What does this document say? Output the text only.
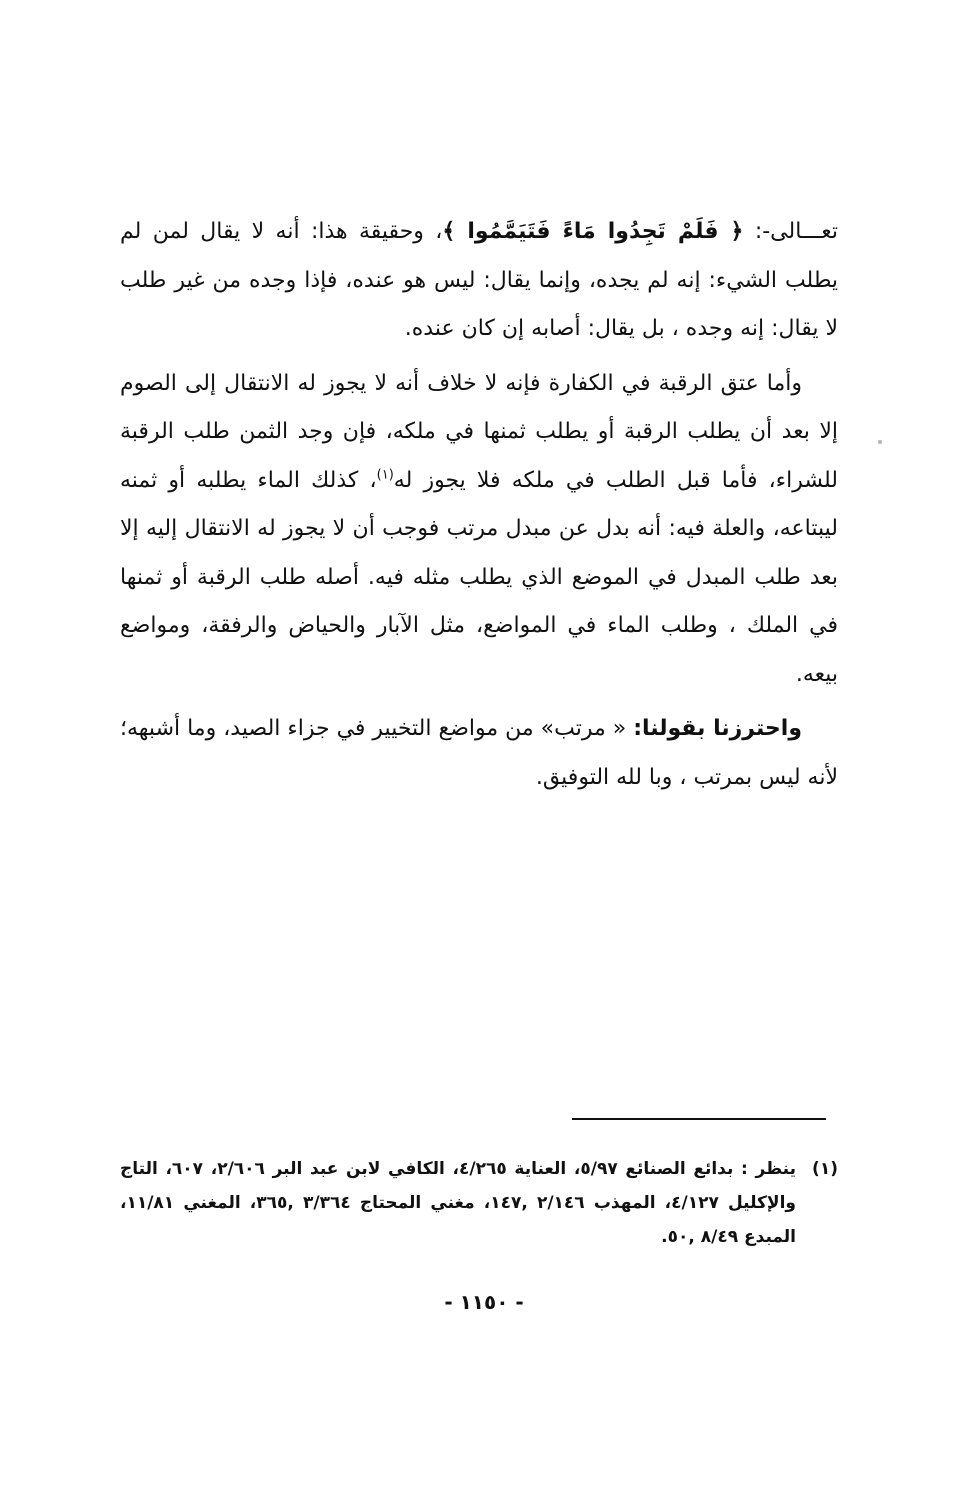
تعـــالى-: ﴿ فَلَمْ تَجِدُوا مَاءً فَتَيَمَّمُوا ﴾، وحقيقة هذا: أنه لا يقال لمن لم يطلب الشيء: إنه لم يجده، وإنما يقال: ليس هو عنده، فإذا وجده من غير طلب لا يقال: إنه وجده ، بل يقال: أصابه إن كان عنده.

وأما عتق الرقبة في الكفارة فإنه لا خلاف أنه لا يجوز له الانتقال إلى الصوم إلا بعد أن يطلب الرقبة أو يطلب ثمنها في ملكه، فإن وجد الثمن طلب الرقبة للشراء، فأما قبل الطلب في ملكه فلا يجوز له$^{(١)}$، كذلك الماء يطلبه أو ثمنه ليبتاعه، والعلة فيه: أنه بدل عن مبدل مرتب فوجب أن لا يجوز له الانتقال إليه إلا بعد طلب المبدل في الموضع الذي يطلب مثله فيه. أصله طلب الرقبة أو ثمنها في الملك ، وطلب الماء في المواضع، مثل الآبار والحياض والرفقة، ومواضع بيعه.

واحترزنا بقولنا: « مرتب» من مواضع التخيير في جزاء الصيد، وما أشبهه؛ لأنه ليس بمرتب ، وبا لله التوفيق.

(١)
ينظر : بدائع الصنائع ٥/٩٧، العناية ٤/٢٦٥، الكافي لابن عبد البر ٢/٦٠٦، ٦٠٧، التاج والإكليل ٤/١٢٧، المهذب ٢/١٤٦ ,١٤٧، مغني المحتاج ٣/٣٦٤ ,٣٦٥، المغني ١١/٨١، المبدع ٨/٤٩ ,٥٠.
- ١١٥٠ -
